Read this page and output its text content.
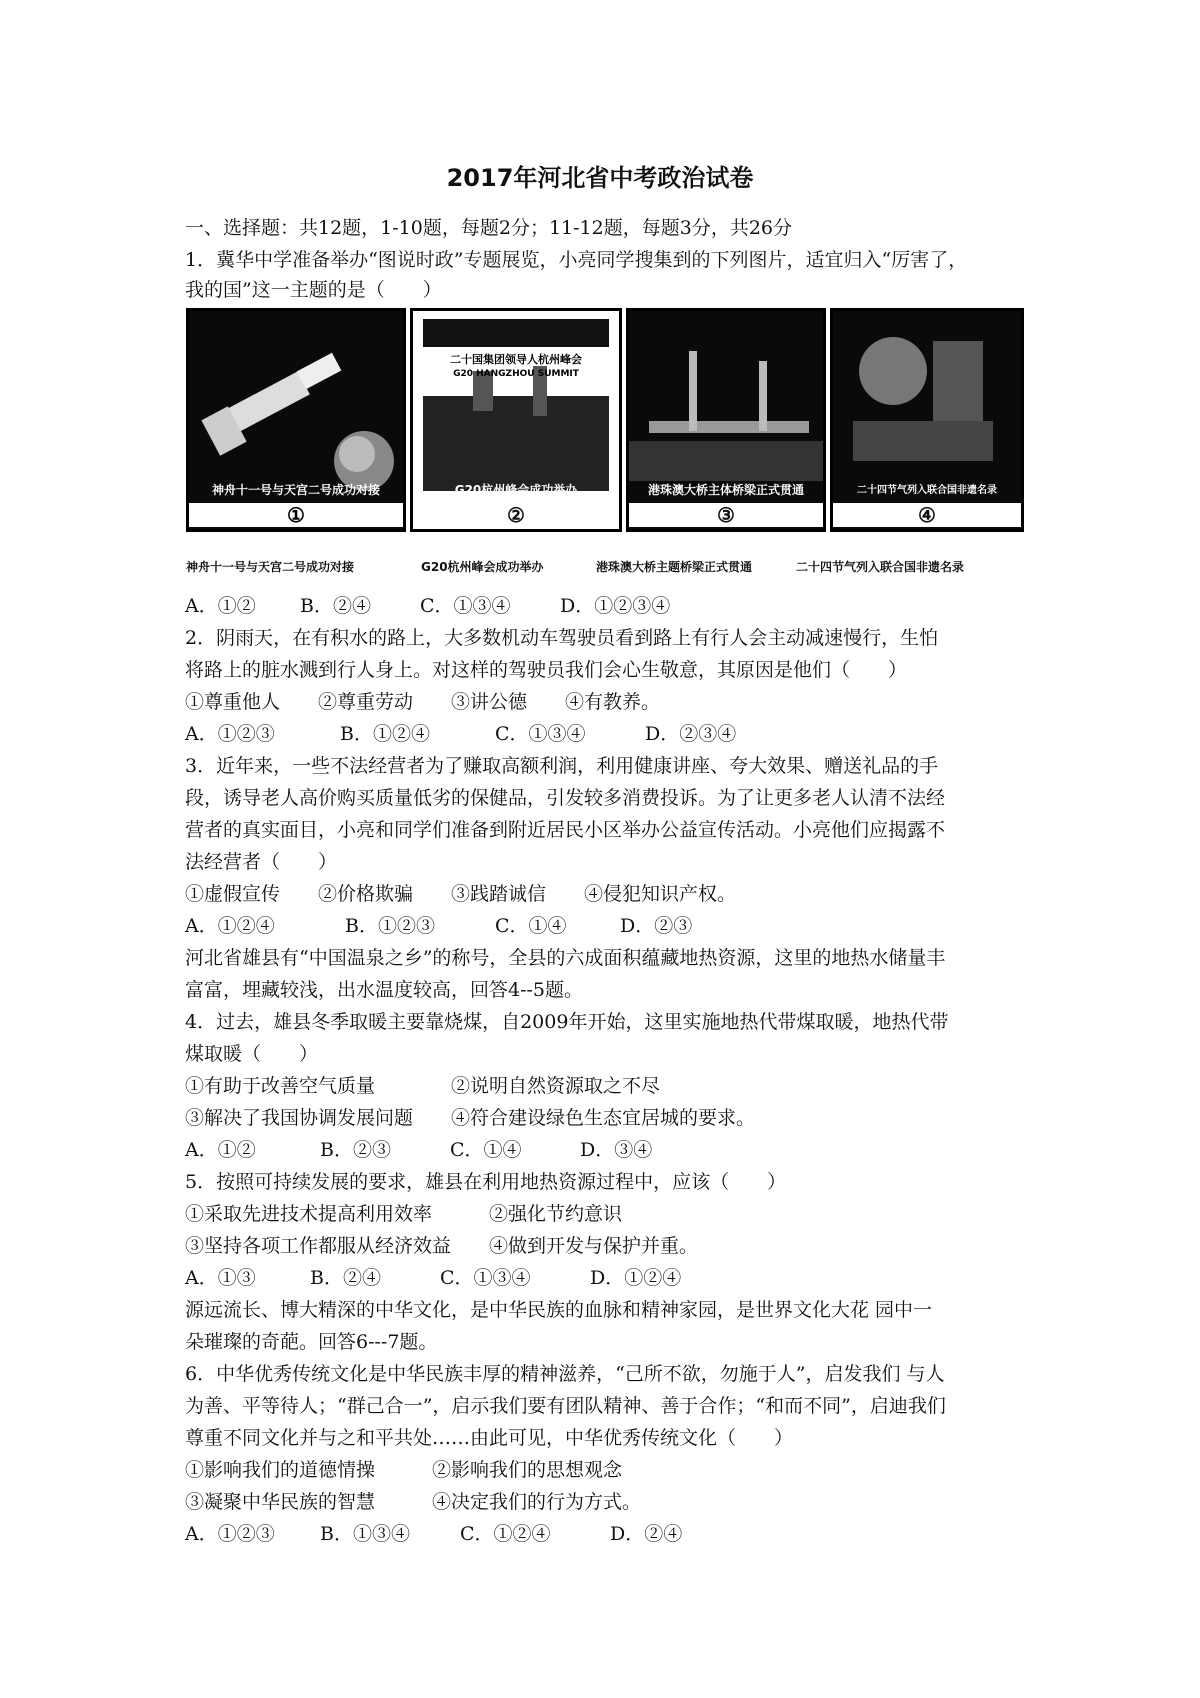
2017年河北省中考政治试卷
一、选择题：共12题，1-10题，每题2分；11-12题，每题3分，共26分
1．冀华中学准备举办“图说时政”专题展览，小亮同学搜集到的下列图片，适宜归入“厉害了，
我的国”这一主题的是（　　）
神舟十一号与天宫二号成功对接
①
二十国集团领导人杭州峰会
G20 HANGZHOU SUMMIT
G20杭州峰会成功举办
②
港珠澳大桥主体桥梁正式贯通
③
二十四节气列入联合国非遗名录
④
神舟十一号与天宫二号成功对接	G20杭州峰会成功举办	港珠澳大桥主题桥梁正式贯通	二十四节气列入联合国非遗名录
A．①② B．②④	C．①③④	D．①②③④
2．阴雨天，在有积水的路上，大多数机动车驾驶员看到路上有行人会主动减速慢行，生怕
将路上的脏水溅到行人身上。对这样的驾驶员我们会心生敬意，其原因是他们（　　）
①尊重他人　　②尊重劳动　　③讲公德　　④有教养。
A．①②③	B．①②④	C．①③④	D．②③④
3．近年来，一些不法经营者为了赚取高额利润，利用健康讲座、夸大效果、赠送礼品的手
段，诱导老人高价购买质量低劣的保健品，引发较多消费投诉。为了让更多老人认清不法经
营者的真实面目，小亮和同学们准备到附近居民小区举办公益宣传活动。小亮他们应揭露不
法经营者（　　）
①虚假宣传　　②价格欺骗　　③践踏诚信　　④侵犯知识产权。
A．①②④	B．①②③	C．①④	D．②③
河北省雄县有“中国温泉之乡”的称号，全县的六成面积蕴藏地热资源，这里的地热水储量丰
富富，埋藏较浅，出水温度较高，回答4--5题。
4．过去，雄县冬季取暖主要靠烧煤，自2009年开始，这里实施地热代带煤取暖，地热代带
煤取暖（　　）
①有助于改善空气质量　　　　②说明自然资源取之不尽
③解决了我国协调发展问题　　④符合建设绿色生态宜居城的要求。
A．①②	B．②③	C．①④	D．③④
5．按照可持续发展的要求，雄县在利用地热资源过程中，应该（　　）
①采取先进技术提高利用效率　　　②强化节约意识
③坚持各项工作都服从经济效益　　④做到开发与保护并重。
A．①③	B．②④	C．①③④	D．①②④
源远流长、博大精深的中华文化，是中华民族的血脉和精神家园，是世界文化大花 园中一
朵璀璨的奇葩。回答6---7题。
6．中华优秀传统文化是中华民族丰厚的精神滋养，“己所不欲，勿施于人”，启发我们 与人
为善、平等待人；“群己合一”，启示我们要有团队精神、善于合作；“和而不同”，启迪我们
尊重不同文化并与之和平共处……由此可见，中华优秀传统文化（　　）
①影响我们的道德情操　　　②影响我们的思想观念
③凝聚中华民族的智慧　　　④决定我们的行为方式。
A．①②③ B．①③④	C．①②④	D．②④
